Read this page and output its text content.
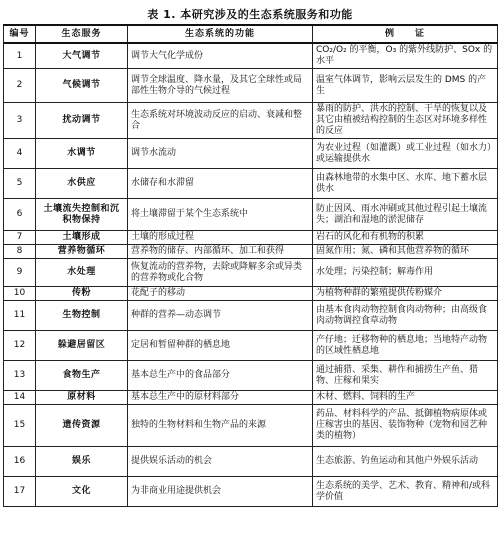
表 1. 本研究涉及的生态系统服务和功能
编号	生态服务	生态系统的功能	例　　证
1	大气调节	调节大气化学成份	CO₂/O₂ 的平衡，O₃ 的紫外线防护、SOx 的水平
2	气候调节	调节全球温度、降水量，及其它全球性或局部性生物介导的气候过程	温室气体调节，影响云层发生的 DMS 的产生
3	扰动调节	生态系统对环境波动反应的启动、衰减和整合	暴雨的防护、洪水的控制、干旱的恢复以及其它由植被结构控制的生态区对环境多样性的反应
4	水调节	调节水流动	为农业过程（如灌溉）或工业过程（如水力）或运输提供水
5	水供应	水储存和水滞留	由森林地带的水集中区、水库、地下蓄水层供水
6	土壤流失控制和沉积物保持	将土壤滞留于某个生态系统中	防止因风、雨水冲刷或其他过程引起土壤流失；湖泊和湿地的淤泥储存
7	土壤形成	土壤的形成过程	岩石的风化和有机物的积累
8	营养物循环	营养物的储存、内部循环、加工和获得	固氮作用；氮、磷和其他营养物的循环
9	水处理	恢复流动的营养物，去除或降解多余或异类的营养物或化合物	水处理；污染控制；解毒作用
10	传粉	花配子的移动	为植物种群的繁殖提供传粉媒介
11	生物控制	种群的营养—动态调节	由基本食肉动物控制食肉动物种；由高级食肉动物调控食草动物
12	躲避居留区	定居和暂留种群的栖息地	产仔地；迁移物种的栖息地；当地特产动物的区域性栖息地
13	食物生产	基本总生产中的食品部分	通过捕猎、采集、耕作和捕捞生产鱼、猎物、庄稼和果实
14	原材料	基本总生产中的原材料部分	木材、燃料、饲料的生产
15	遗传资源	独特的生物材料和生物产品的来源	药品、材料科学的产品、抵御植物病原体或庄稼害虫的基因、装饰物种（宠物和园艺种类的植物）
16	娱乐	提供娱乐活动的机会	生态旅游、钓鱼运动和其他户外娱乐活动
17	文化	为非商业用途提供机会	生态系统的美学、艺术、教育、精神和/或科学价值
